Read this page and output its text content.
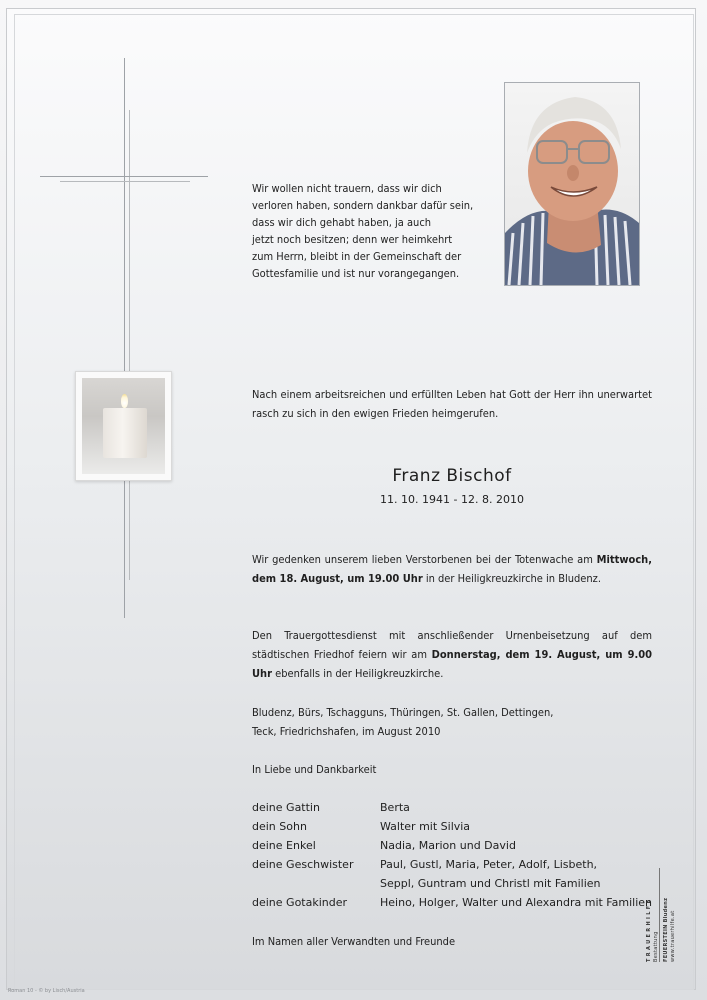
Wir wollen nicht trauern, dass wir dich
verloren haben, sondern dankbar dafür sein,
dass wir dich gehabt haben, ja auch
jetzt noch besitzen; denn wer heimkehrt
zum Herrn, bleibt in der Gemeinschaft der
Gottesfamilie und ist nur vorangegangen.
Nach einem arbeitsreichen und erfüllten Leben hat Gott der Herr ihn unerwartet rasch zu sich in den ewigen Frieden heimgerufen.
Franz Bischof
11. 10. 1941 - 12. 8. 2010
Wir gedenken unserem lieben Verstorbenen bei der Totenwache am Mittwoch, dem 18. August, um 19.00 Uhr in der Heiligkreuzkirche in Bludenz.
Den Trauergottesdienst mit anschließender Urnenbeisetzung auf dem städtischen Friedhof feiern wir am Donnerstag, dem 19. August, um 9.00 Uhr ebenfalls in der Heiligkreuzkirche.
Bludenz, Bürs, Tschagguns, Thüringen, St. Gallen, Dettingen,
Teck, Friedrichshafen, im August 2010
In Liebe und Dankbarkeit
deine Gattin	Berta
dein Sohn	Walter mit Silvia
deine Enkel	Nadia, Marion und David
deine Geschwister	Paul, Gustl, Maria, Peter, Adolf, Lisbeth,
Seppl, Guntram und Christl mit Familien
deine Gotakinder	Heino, Holger, Walter und Alexandra mit Familien
Im Namen aller Verwandten und Freunde	T R A U E R H I L F E Bestattung FEUERSTEIN Bludenz www.trauerhilfe.at
Roman 10 - © by Lisch/Austria
